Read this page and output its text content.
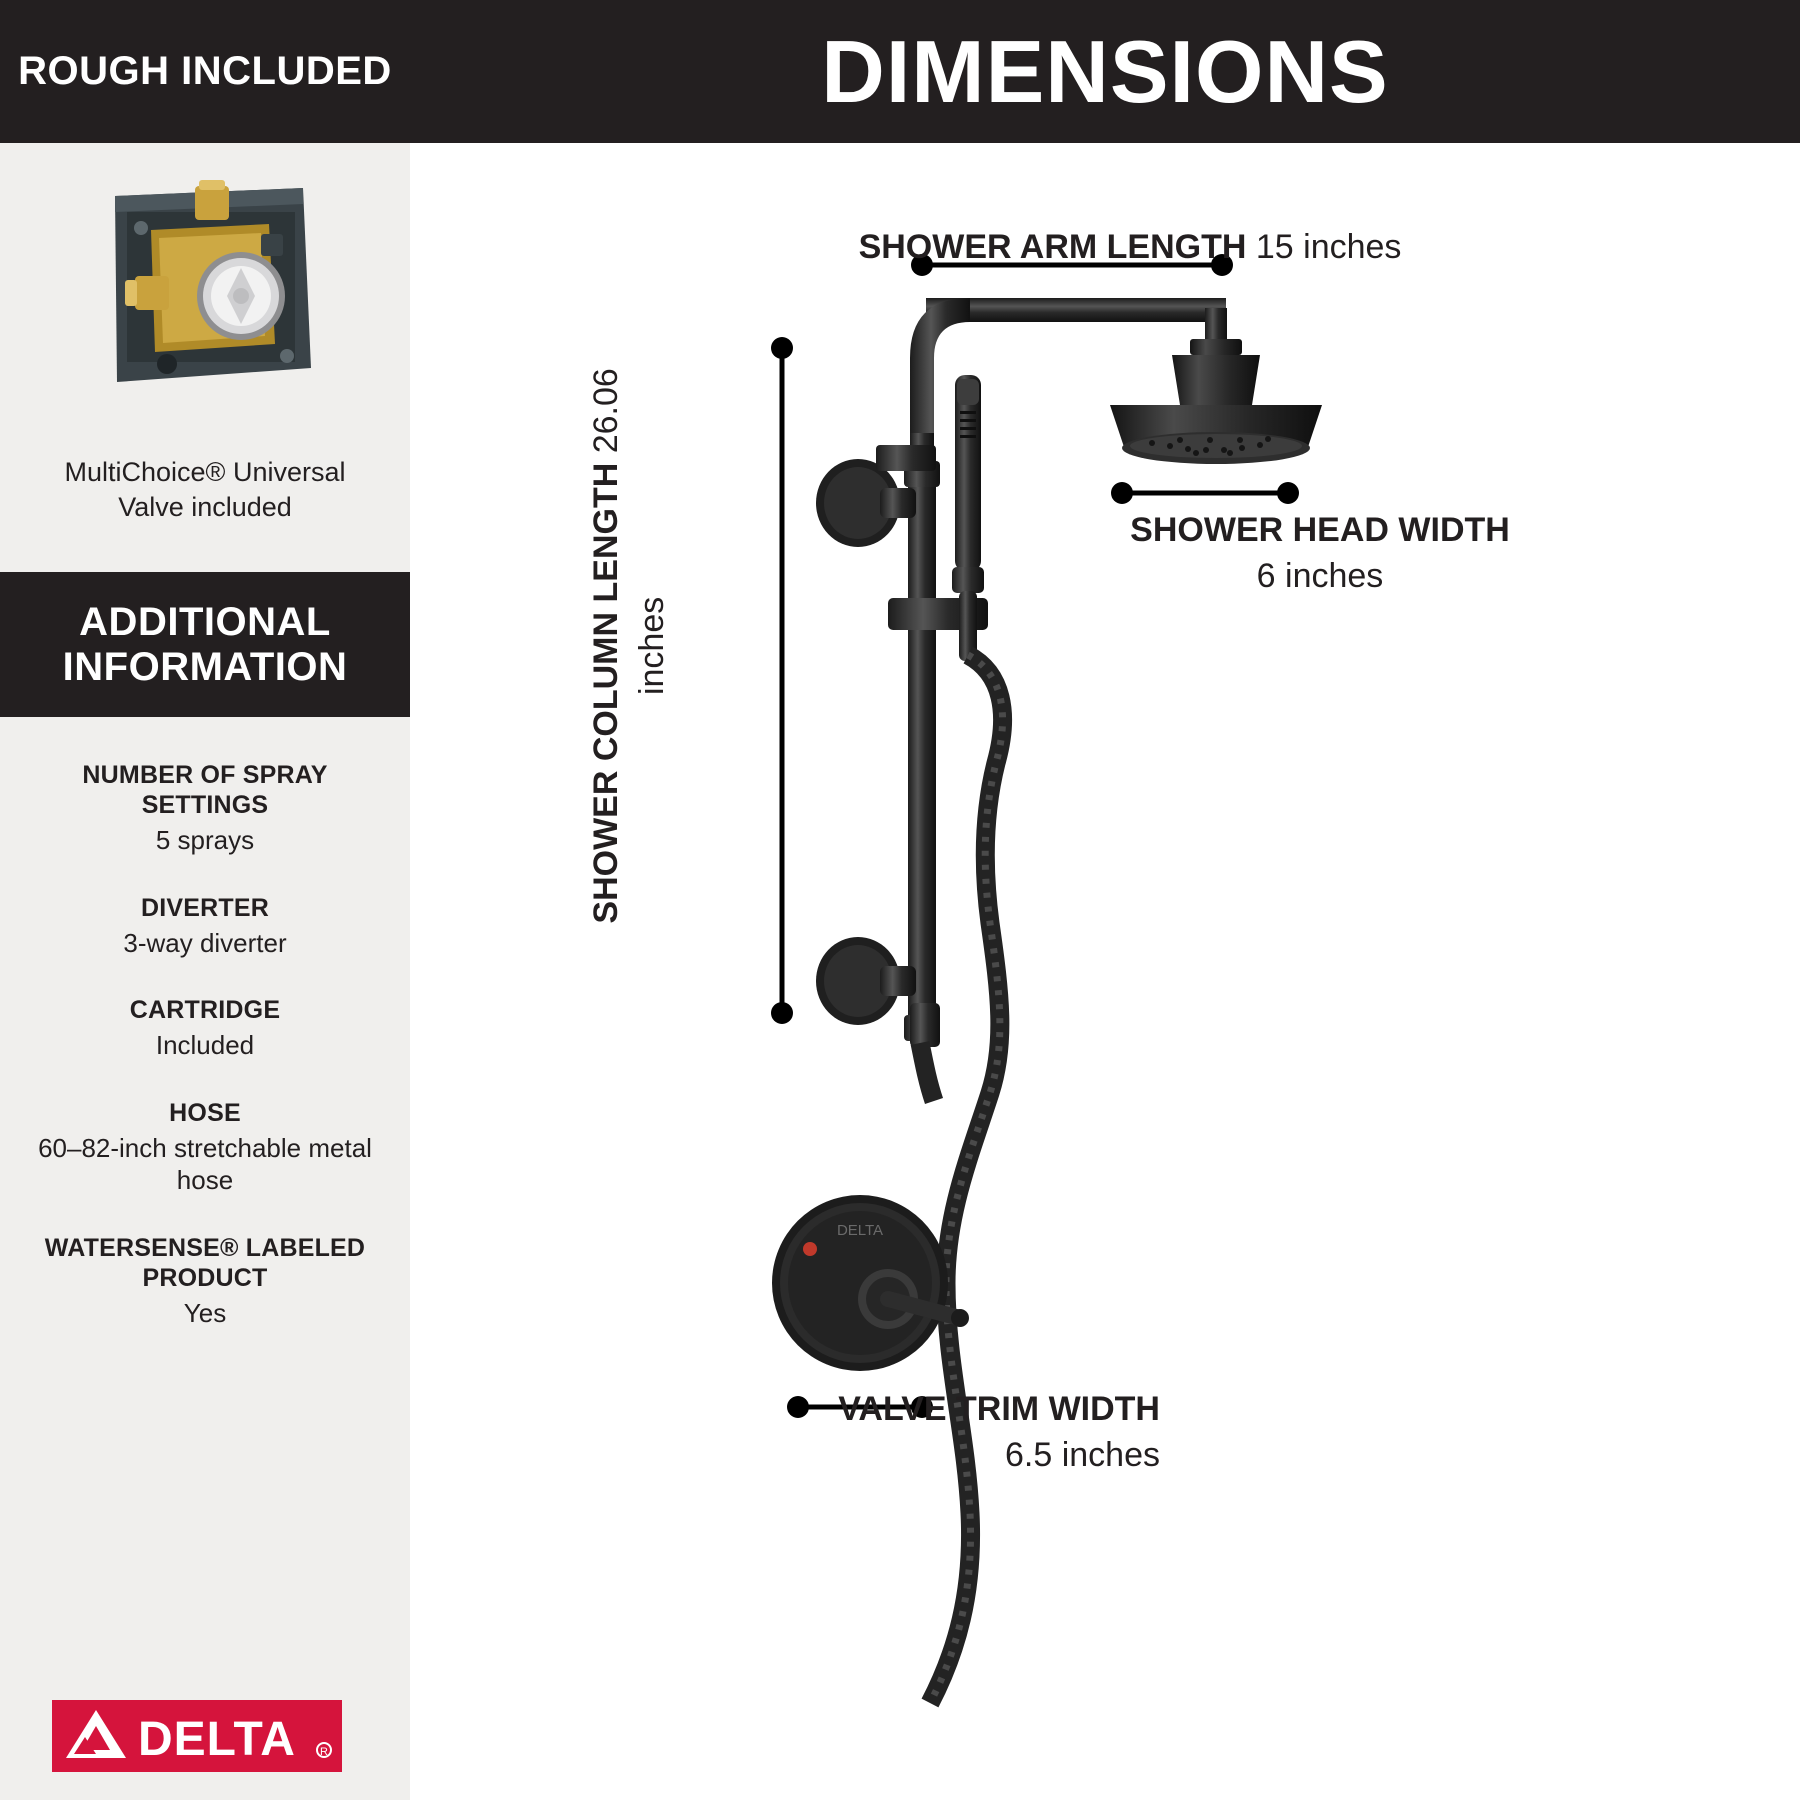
ROUGH INCLUDED
MultiChoice® Universal
Valve included
ADDITIONAL
INFORMATION
NUMBER OF SPRAY SETTINGS
5 sprays
DIVERTER
3-way diverter
CARTRIDGE
Included
HOSE
60–82-inch stretchable metal hose
WATERSENSE® LABELED PRODUCT
Yes
DELTA R
DIMENSIONS
DELTA
SHOWER ARM LENGTH 15 inches
SHOWER HEAD WIDTH
6 inches
SHOWER COLUMN LENGTH 26.06 inches
VALVE TRIM WIDTH
6.5 inches
